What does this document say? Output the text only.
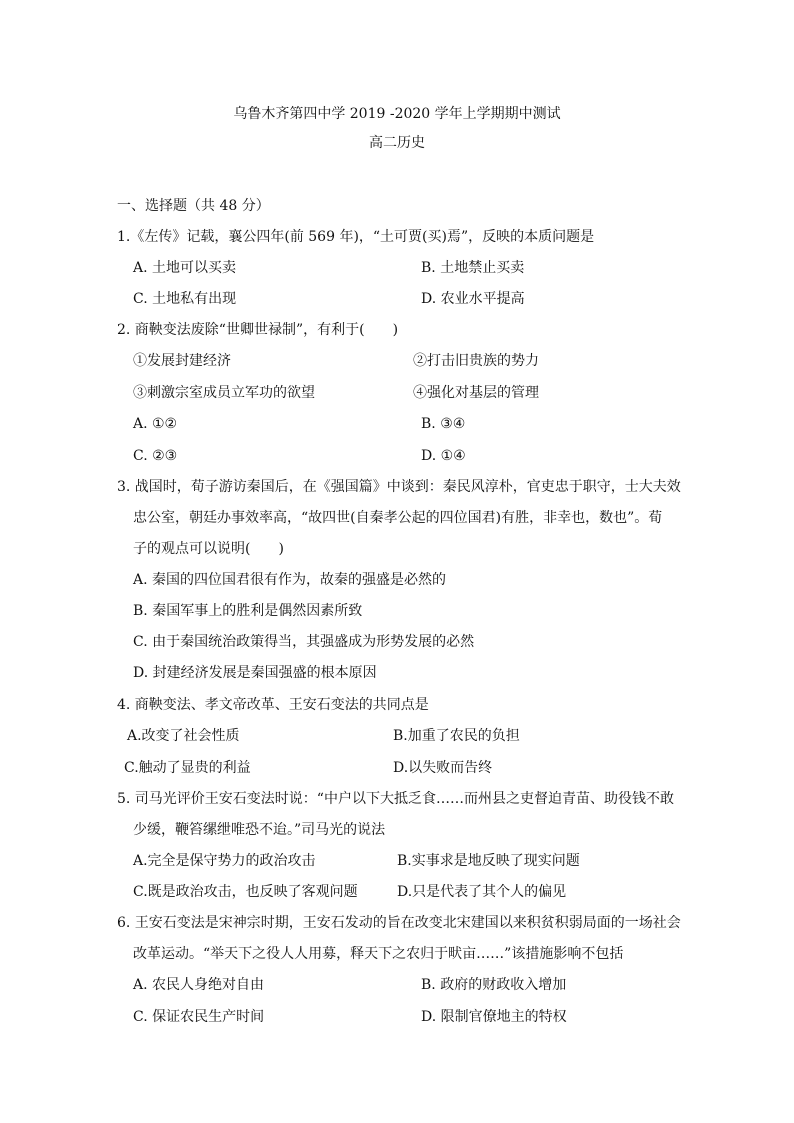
乌鲁木齐第四中学 2019 -2020 学年上学期期中测试
高二历史
一、选择题（共 48 分）
1.《左传》记载，襄公四年(前 569 年)，“土可贾(买)焉”，反映的本质问题是
A. 土地可以买卖	B. 土地禁止买卖
C. 土地私有出现	D. 农业水平提高
2. 商鞅变法废除“世卿世禄制”，有利于(　　)
①发展封建经济	②打击旧贵族的势力
③刺激宗室成员立军功的欲望	④强化对基层的管理
A. ①②	B. ③④
C. ②③	D. ①④
3. 战国时，荀子游访秦国后，在《强国篇》中谈到：秦民风淳朴，官吏忠于职守，士大夫效
忠公室，朝廷办事效率高，“故四世(自秦孝公起的四位国君)有胜，非幸也，数也”。荀
子的观点可以说明(　　)
A. 秦国的四位国君很有作为，故秦的强盛是必然的
B. 秦国军事上的胜利是偶然因素所致
C. 由于秦国统治政策得当，其强盛成为形势发展的必然
D. 封建经济发展是秦国强盛的根本原因
4. 商鞅变法、孝文帝改革、王安石变法的共同点是
A.改变了社会性质	B.加重了农民的负担
C.触动了显贵的利益	D.以失败而告终
5. 司马光评价王安石变法时说：“中户以下大抵乏食……而州县之吏督迫青苗、助役钱不敢
少缓，鞭笞缧绁唯恐不迨。”司马光的说法
A.完全是保守势力的政治攻击	B.实事求是地反映了现实问题
C.既是政治攻击，也反映了客观问题	D.只是代表了其个人的偏见
6. 王安石变法是宋神宗时期，王安石发动的旨在改变北宋建国以来积贫积弱局面的一场社会
改革运动。“举天下之役人人用募，释天下之农归于畎亩……”该措施影响不包括
A. 农民人身绝对自由	B. 政府的财政收入增加
C. 保证农民生产时间	D. 限制官僚地主的特权
